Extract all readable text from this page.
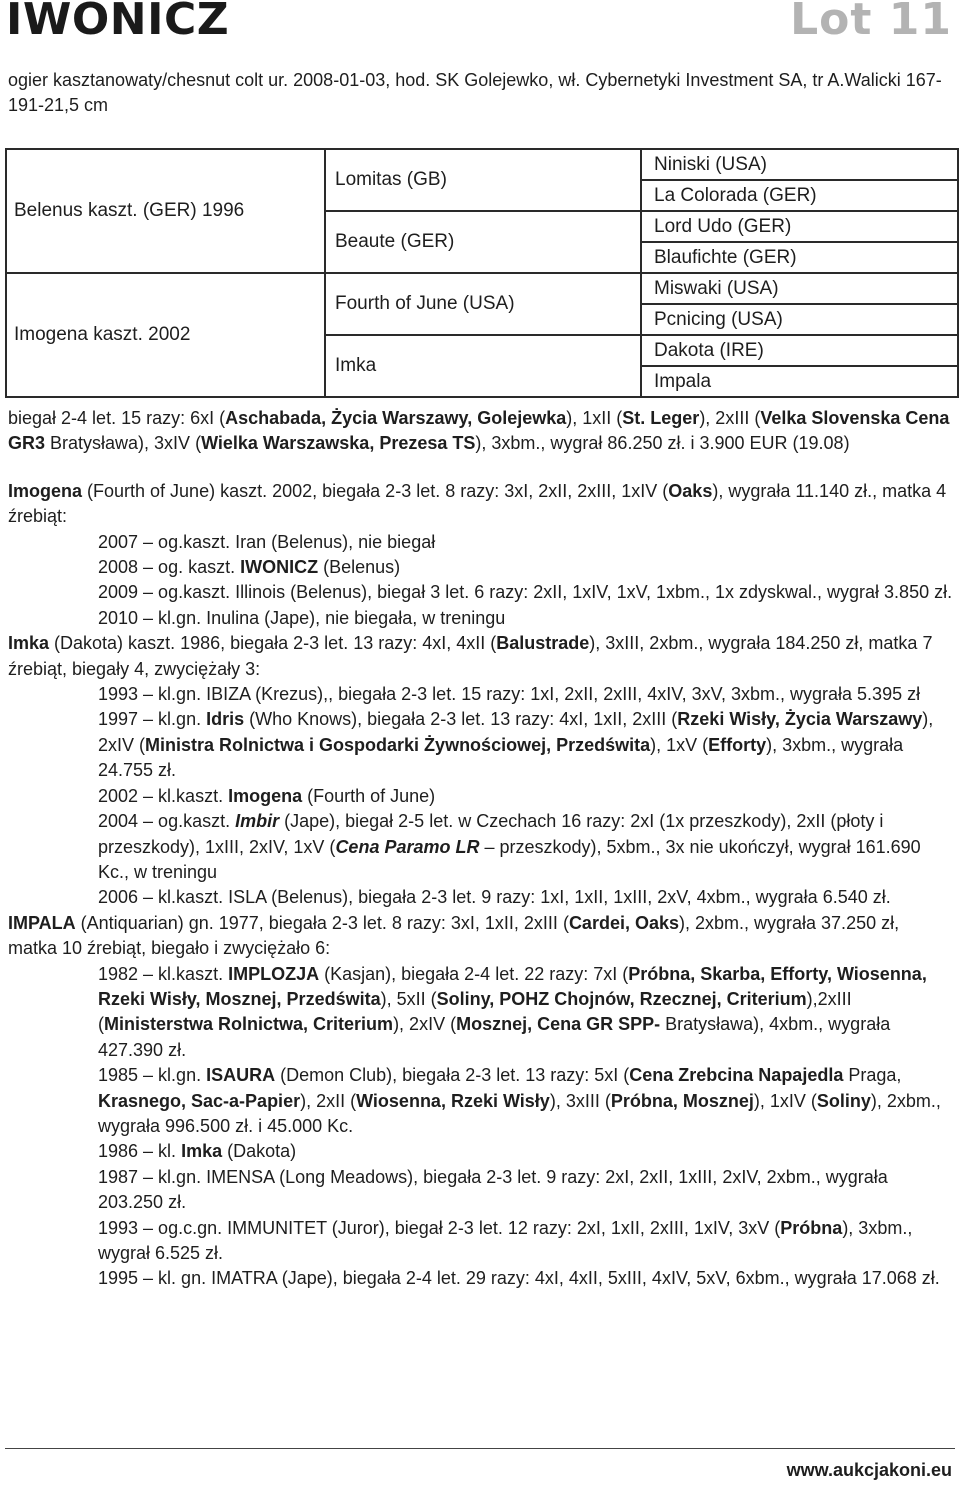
IWONICZ	Lot 11
ogier kasztanowaty/chesnut colt ur. 2008-01-03, hod. SK Golejewko, wł. Cybernetyki Investment SA, tr A.Walicki 167-191-21,5 cm
Belenus kaszt. (GER) 1996	Lomitas (GB)	Niniski (USA)
		La Colorada (GER)
	Beaute (GER)	Lord Udo (GER)
		Blaufichte (GER)
Imogena kaszt. 2002	Fourth of June (USA)	Miswaki (USA)
		Pcnicing (USA)
	Imka	Dakota (IRE)
		Impala

biegał 2-4 let. 15 razy: 6xI (Aschabada, Życia Warszawy, Golejewka), 1xII (St. Leger), 2xIII (Velka Slovenska Cena GR3 Bratysława), 3xIV (Wielka Warszawska, Prezesa TS), 3xbm., wygrał 86.250 zł. i 3.900 EUR (19.08)

Imogena (Fourth of June) kaszt. 2002, biegała 2-3 let. 8 razy: 3xI, 2xII, 2xIII, 1xIV (Oaks), wygrała 11.140 zł., matka 4 źrebiąt:

2007 – og.kaszt. Iran (Belenus), nie biegał

2008 – og. kaszt. IWONICZ (Belenus)

2009 – og.kaszt. Illinois (Belenus), biegał 3 let. 6 razy: 2xII, 1xIV, 1xV, 1xbm., 1x zdyskwal., wygrał 3.850 zł.

2010 – kl.gn. Inulina (Jape), nie biegała, w treningu

Imka (Dakota) kaszt. 1986, biegała 2-3 let. 13 razy: 4xI, 4xII (Balustrade), 3xIII, 2xbm., wygrała 184.250 zł, matka 7 źrebiąt, biegały 4, zwyciężały 3:

1993 – kl.gn. IBIZA (Krezus),, biegała 2-3 let. 15 razy: 1xI, 2xII, 2xIII, 4xIV, 3xV, 3xbm., wygrała 5.395 zł

1997 – kl.gn. Idris (Who Knows), biegała 2-3 let. 13 razy: 4xI, 1xII, 2xIII (Rzeki Wisły, Życia Warszawy), 2xIV (Ministra Rolnictwa i Gospodarki Żywnościowej, Przedświta), 1xV (Efforty), 3xbm., wygrała 24.755 zł.

2002 – kl.kaszt. Imogena (Fourth of June)

2004 – og.kaszt. Imbir (Jape), biegał 2-5 let. w Czechach 16 razy: 2xI (1x przeszkody), 2xII (płoty i przeszkody), 1xIII, 2xIV, 1xV (Cena Paramo LR – przeszkody), 5xbm., 3x nie ukończył, wygrał 161.690 Kc., w treningu

2006 – kl.kaszt. ISLA (Belenus), biegała 2-3 let. 9 razy: 1xI, 1xII, 1xIII, 2xV, 4xbm., wygrała 6.540 zł.

IMPALA (Antiquarian) gn. 1977, biegała 2-3 let. 8 razy: 3xI, 1xII, 2xIII (Cardei, Oaks), 2xbm., wygrała 37.250 zł, matka 10 źrebiąt, biegało i zwyciężało 6:

1982 – kl.kaszt. IMPLOZJA (Kasjan), biegała 2-4 let. 22 razy: 7xI (Próbna, Skarba, Efforty, Wiosenna, Rzeki Wisły, Mosznej, Przedświta), 5xII (Soliny, POHZ Chojnów, Rzecznej, Criterium),2xIII (Ministerstwa Rolnictwa, Criterium), 2xIV (Mosznej, Cena GR SPP- Bratysława), 4xbm., wygrała 427.390 zł.

1985 – kl.gn. ISAURA (Demon Club), biegała 2-3 let. 13 razy: 5xI (Cena Zrebcina Napajedla Praga, Krasnego, Sac-a-Papier), 2xII (Wiosenna, Rzeki Wisły), 3xIII (Próbna, Mosznej), 1xIV (Soliny), 2xbm., wygrała 996.500 zł. i 45.000 Kc.

1986 – kl. Imka (Dakota)

1987 – kl.gn. IMENSA (Long Meadows), biegała 2-3 let. 9 razy: 2xI, 2xII, 1xIII, 2xIV, 2xbm., wygrała 203.250 zł.

1993 – og.c.gn. IMMUNITET (Juror), biegał 2-3 let. 12 razy: 2xI, 1xII, 2xIII, 1xIV, 3xV (Próbna), 3xbm., wygrał 6.525 zł.

1995 – kl. gn. IMATRA (Jape), biegała 2-4 let. 29 razy: 4xI, 4xII, 5xIII, 4xIV, 5xV, 6xbm., wygrała 17.068 zł.

www.aukcjakoni.eu
